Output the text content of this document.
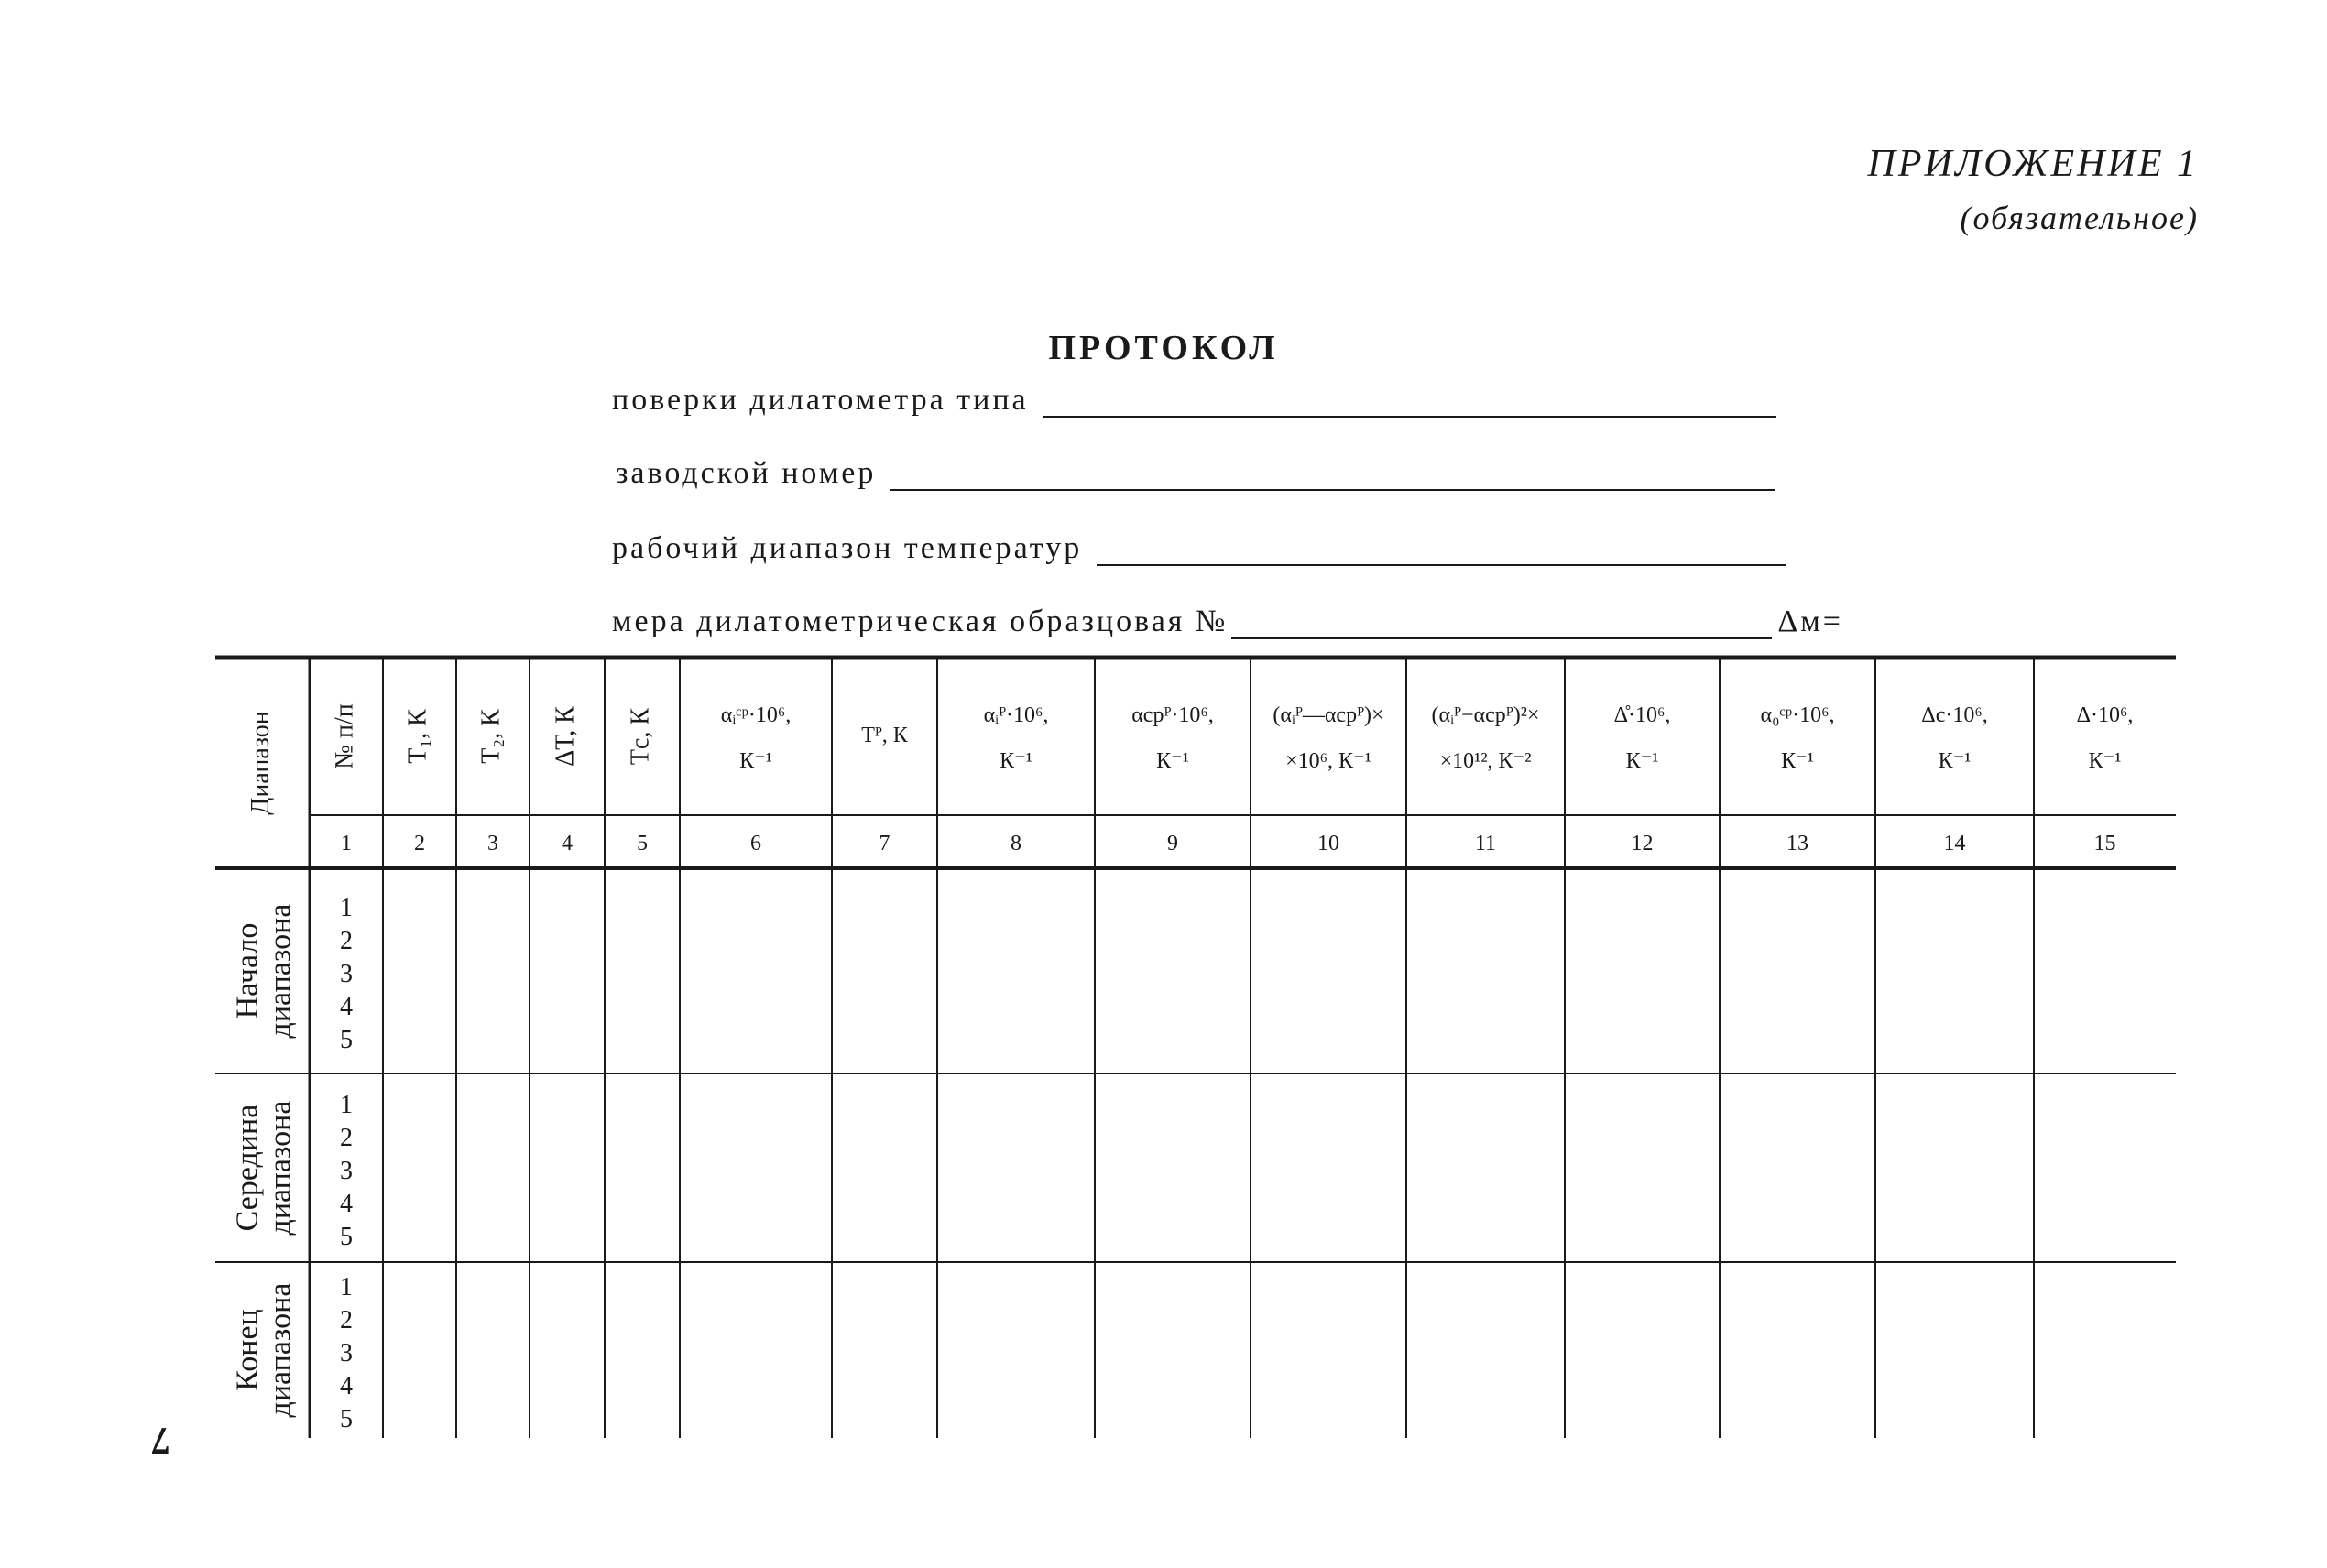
ПРИЛОЖЕНИЕ 1
(обязательное)
ПРОТОКОЛ
поверки дилатометра типа
заводской номер
рабочий диапазон температур
мера дилатометрическая образцовая №	Δм=
Диапазон
1
№ п/п
2
T₁, К
3
T₂, К
4
ΔT, К
5
Tс, К
6
αᵢᶜᵖ·10⁶,
К⁻¹
7
Tᴾ, К
8
αᵢᴾ·10⁶,
К⁻¹
9
αсрᴾ·10⁶,
К⁻¹
10
(αᵢᴾ—αсрᴾ)×
×10⁶, К⁻¹
11
(αᵢᴾ−αсрᴾ)²×
×10¹², К⁻²
12
Δ̊·10⁶,
К⁻¹
13
α₀ᶜᵖ·10⁶,
К⁻¹
14
Δс·10⁶,
К⁻¹
15
Δ·10⁶,
К⁻¹
Началодиапазона 1
2
3
4
5
Серединадиапазона 1
2
3
4
5
Конецдиапазона 1
2
3
4
5
7
